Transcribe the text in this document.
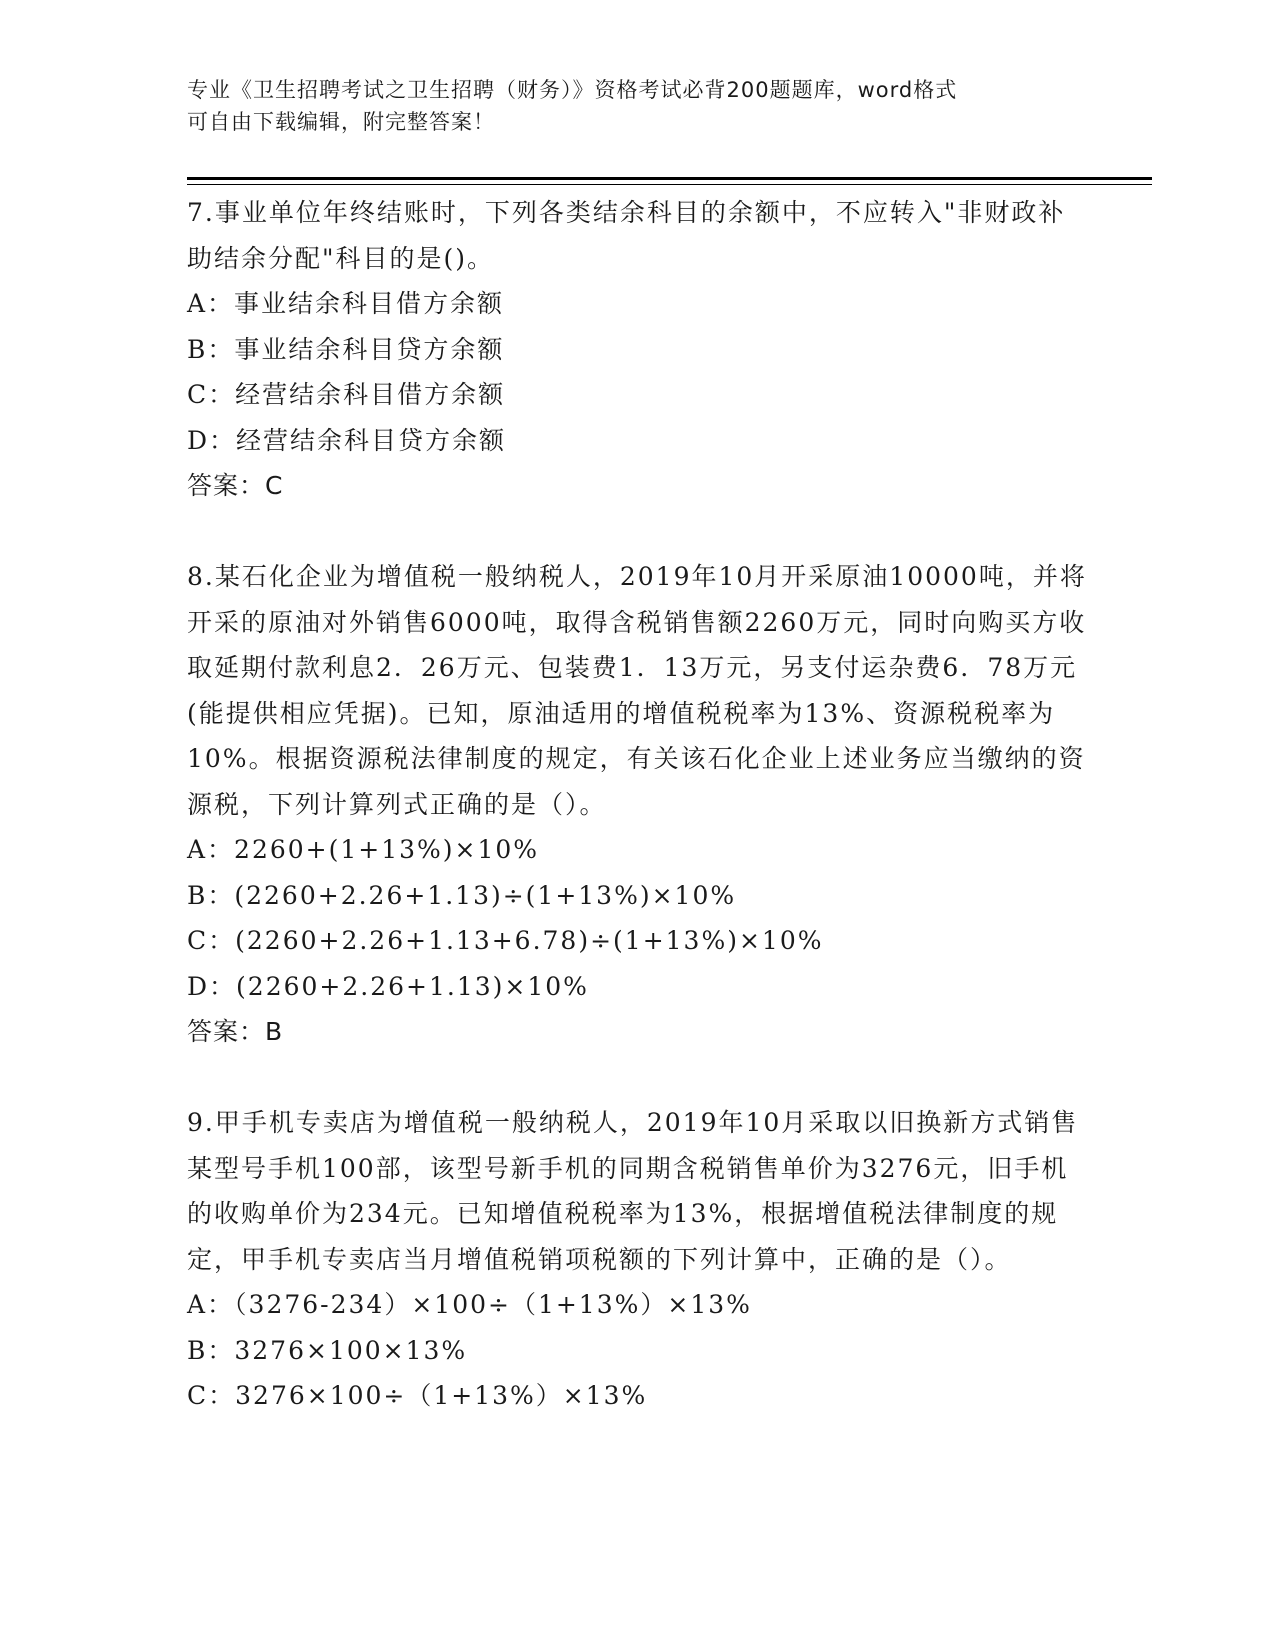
专业《卫生招聘考试之卫生招聘（财务）》资格考试必背200题题库，word格式
可自由下载编辑，附完整答案！
7.事业单位年终结账时，下列各类结余科目的余额中，不应转入"非财政补助结余分配"科目的是()。
A：事业结余科目借方余额
B：事业结余科目贷方余额
C：经营结余科目借方余额
D：经营结余科目贷方余额
答案：C
8.某石化企业为增值税一般纳税人，2019年10月开采原油10000吨，并将开采的原油对外销售6000吨，取得含税销售额2260万元，同时向购买方收取延期付款利息2．26万元、包装费1．13万元，另支付运杂费6．78万元(能提供相应凭据)。已知，原油适用的增值税税率为13%、资源税税率为10%。根据资源税法律制度的规定，有关该石化企业上述业务应当缴纳的资源税，下列计算列式正确的是（）。
A：2260+(1+13%)×10%
B：(2260+2.26+1.13)÷(1+13%)×10%
C：(2260+2.26+1.13+6.78)÷(1+13%)×10%
D：(2260+2.26+1.13)×10%
答案：B
9.甲手机专卖店为增值税一般纳税人，2019年10月采取以旧换新方式销售某型号手机100部，该型号新手机的同期含税销售单价为3276元，旧手机的收购单价为234元。已知增值税税率为13%，根据增值税法律制度的规定，甲手机专卖店当月增值税销项税额的下列计算中，正确的是（）。
A：（3276-234）×100÷（1+13%）×13%
B：3276×100×13%
C：3276×100÷（1+13%）×13%
